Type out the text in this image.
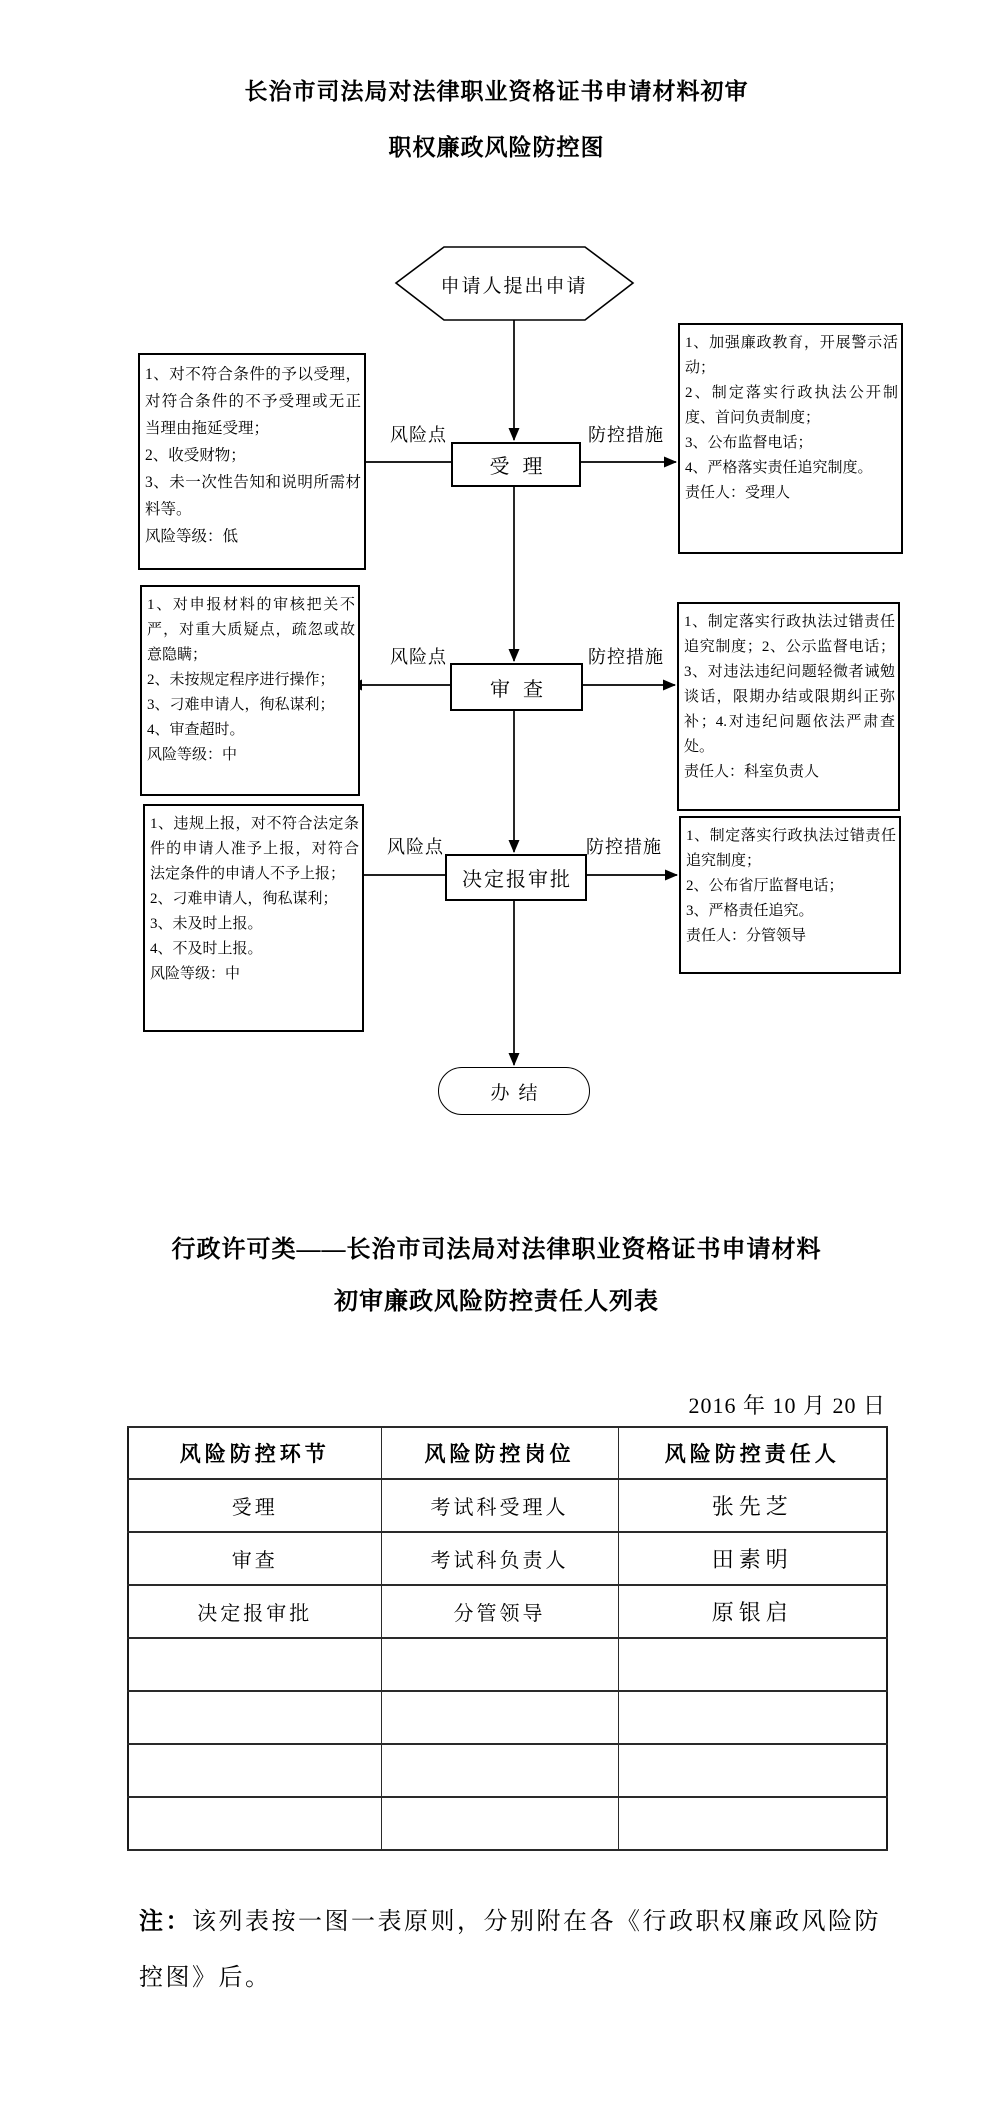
长治市司法局对法律职业资格证书申请材料初审
职权廉政风险防控图
申请人提出申请
1、对不符合条件的予以受理，对符合条件的不予受理或无正当理由拖延受理；
2、收受财物；
3、未一次性告知和说明所需材料等。
风险等级：低
风险点
受理
防控措施
1、加强廉政教育，开展警示活动；
2、制定落实行政执法公开制度、首问负责制度；
3、公布监督电话；
4、严格落实责任追究制度。
责任人：受理人
1、对申报材料的审核把关不严，对重大质疑点，疏忽或故意隐瞒；
2、未按规定程序进行操作；
3、刁难申请人，徇私谋利；
4、审查超时。
风险等级：中
风险点
审查
防控措施
1、制定落实行政执法过错责任追究制度；2、公示监督电话；3、对违法违纪问题轻微者诫勉谈话，限期办结或限期纠正弥补；4.对违纪问题依法严肃查处。
责任人：科室负责人
1、违规上报，对不符合法定条件的申请人准予上报，对符合法定条件的申请人不予上报；
2、刁难申请人，徇私谋利；
3、未及时上报。
4、不及时上报。
风险等级：中
风险点
决定报审批
防控措施
1、制定落实行政执法过错责任追究制度；
2、公布省厅监督电话；
3、严格责任追究。
责任人：分管领导
办结
行政许可类——长治市司法局对法律职业资格证书申请材料
初审廉政风险防控责任人列表
2016 年 10 月 20 日
风险防控环节	风险防控岗位	风险防控责任人
受理	考试科受理人	张先芝
审查	考试科负责人	田素明
决定报审批	分管领导	原银启

注：该列表按一图一表原则，分别附在各《行政职权廉政风险防控图》后。
